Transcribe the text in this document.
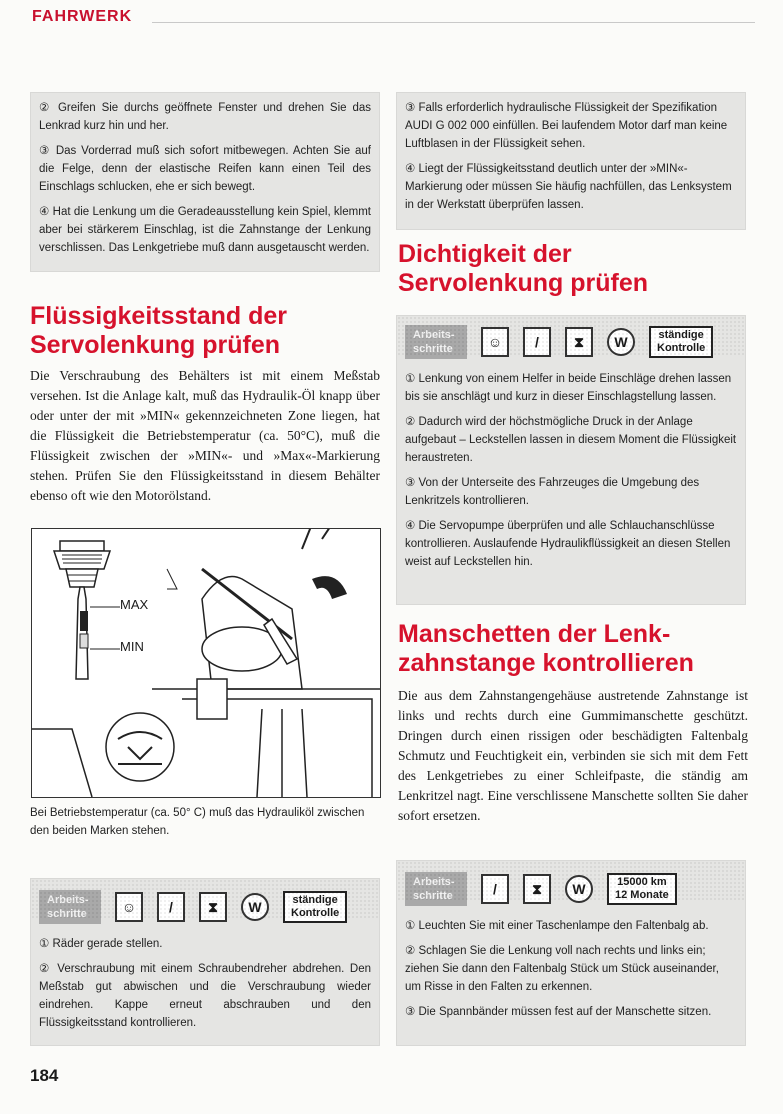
FAHRWERK

② Greifen Sie durchs geöffnete Fenster und drehen Sie das Lenkrad kurz hin und her.

③ Das Vorderrad muß sich sofort mitbewegen. Achten Sie auf die Felge, denn der elastische Reifen kann einen Teil des Einschlags schlucken, ehe er sich bewegt.

④ Hat die Lenkung um die Geradeausstellung kein Spiel, klemmt aber bei stärkerem Einschlag, ist die Zahnstange der Lenkung verschlissen. Das Lenkgetriebe muß dann ausgetauscht werden.

Flüssigkeitsstand der
Servolenkung prüfen
Die Verschraubung des Behälters ist mit einem Meßstab versehen. Ist die Anlage kalt, muß das Hydraulik-Öl knapp über oder unter der mit »MIN« gekennzeichneten Zone liegen, hat die Flüssigkeit die Betriebstemperatur (ca. 50°C), muß die Flüssigkeit zwischen der »MIN«- und »Max«-Markierung stehen. Prüfen Sie den Flüssigkeitsstand in diesem Behälter ebenso oft wie den Motorölstand.
MAX
MIN
Bei Betriebstemperatur (ca. 50° C) muß das Hydrauliköl zwischen den beiden Marken stehen.
Arbeits-
schritte	☺	/	⧗	W	ständige
Kontrolle

① Räder gerade stellen.

② Verschraubung mit einem Schraubendreher abdrehen. Den Meßstab gut abwischen und die Verschraubung wieder eindrehen. Kappe erneut abschrauben und den Flüssigkeitsstand kontrollieren.

184

③ Falls erforderlich hydraulische Flüssigkeit der Spezifikation AUDI G 002 000 einfüllen. Bei laufendem Motor darf man keine Luftblasen in der Flüssigkeit sehen.

④ Liegt der Flüssigkeitsstand deutlich unter der »MIN«-Markierung oder müssen Sie häufig nachfüllen, das Lenksystem in der Werkstatt überprüfen lassen.

Dichtigkeit der
Servolenkung prüfen
Arbeits-
schritte	☺	/	⧗	W	ständige
Kontrolle

① Lenkung von einem Helfer in beide Einschläge drehen lassen bis sie anschlägt und kurz in dieser Einschlagstellung lassen.

② Dadurch wird der höchstmögliche Druck in der Anlage aufgebaut – Leckstellen lassen in diesem Moment die Flüssigkeit heraustreten.

③ Von der Unterseite des Fahrzeuges die Umgebung des Lenkritzels kontrollieren.

④ Die Servopumpe überprüfen und alle Schlauchanschlüsse kontrollieren. Auslaufende Hydraulikflüssigkeit an diesen Stellen weist auf Leckstellen hin.

Manschetten der Lenk-
zahnstange kontrollieren
Die aus dem Zahnstangengehäuse austretende Zahnstange ist links und rechts durch eine Gummimanschette geschützt. Dringen durch einen rissigen oder beschädigten Faltenbalg Schmutz und Feuchtigkeit ein, verbinden sie sich mit dem Fett des Lenkgetriebes zu einer Schleifpaste, die ständig am Lenkritzel nagt. Eine verschlissene Manschette sollten Sie daher sofort ersetzen.
Arbeits-
schritte	/	⧗	W	15000 km
12 Monate

① Leuchten Sie mit einer Taschenlampe den Faltenbalg ab.

② Schlagen Sie die Lenkung voll nach rechts und links ein; ziehen Sie dann den Faltenbalg Stück um Stück auseinander, um Risse in den Falten zu erkennen.

③ Die Spannbänder müssen fest auf der Manschette sitzen.
